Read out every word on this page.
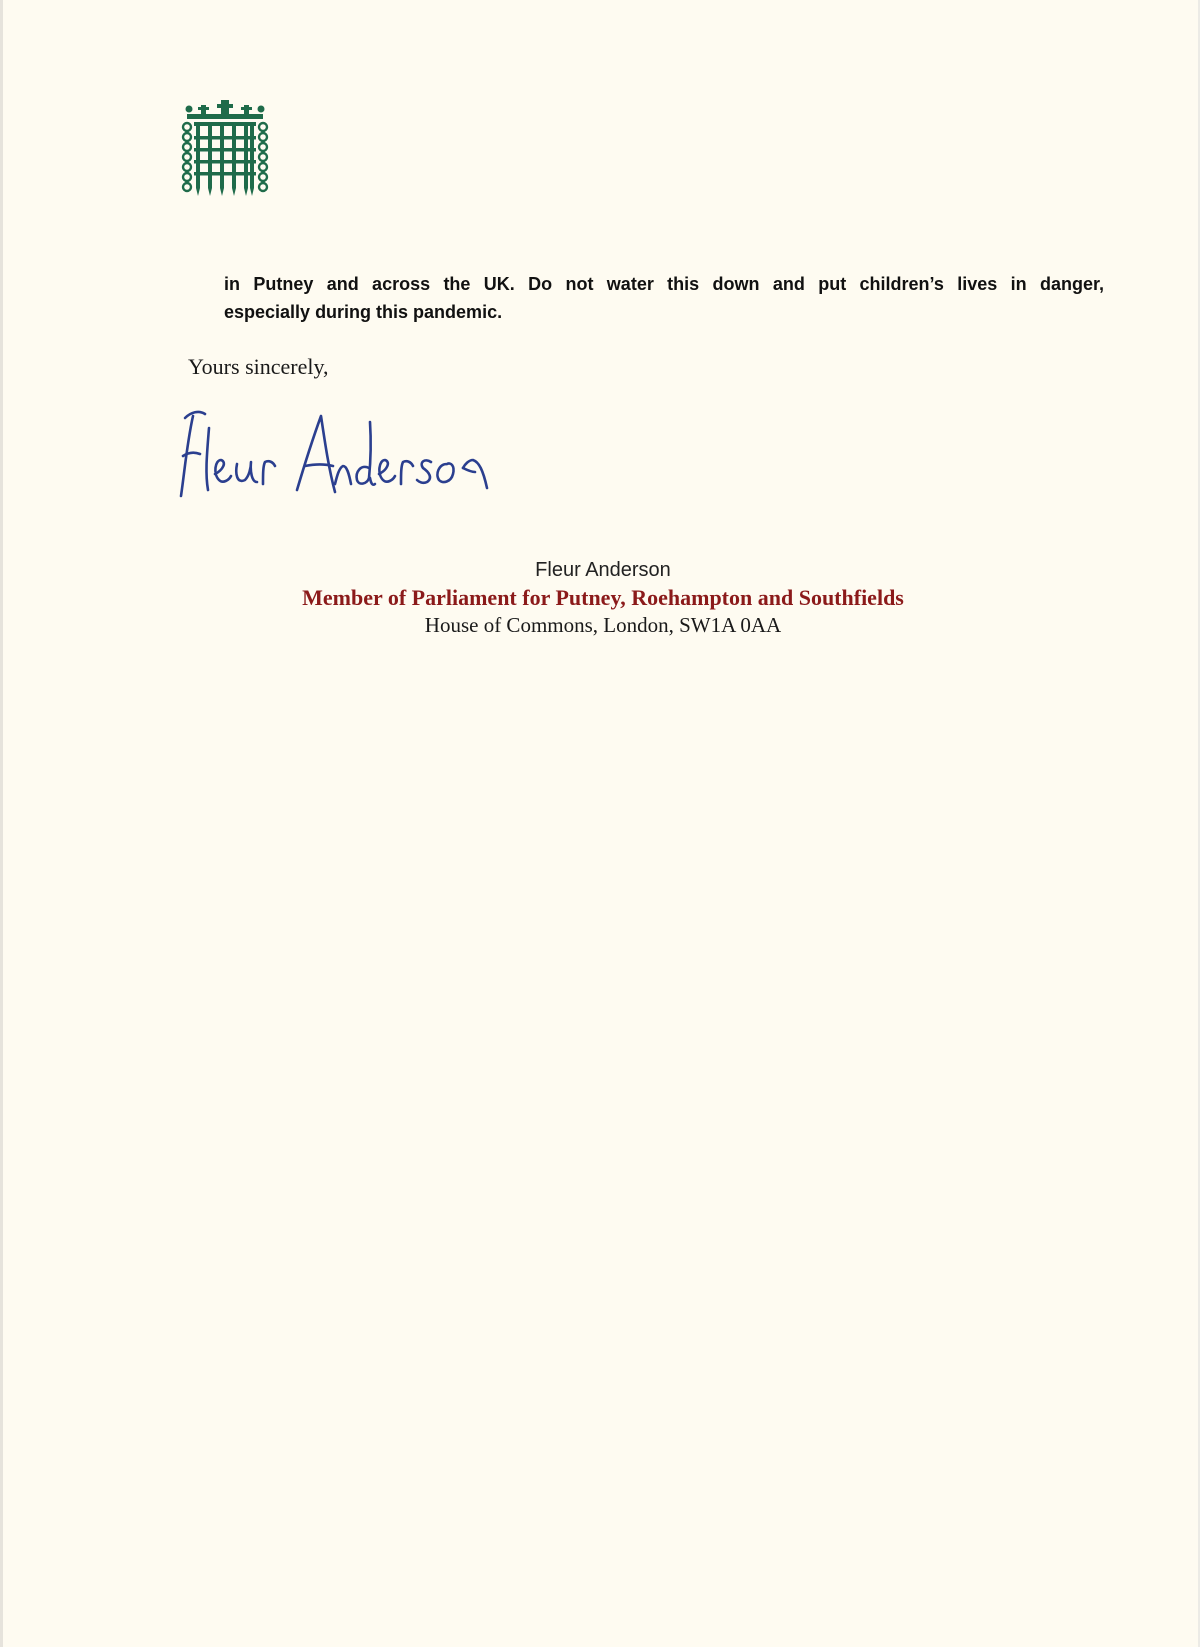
in Putney and across the UK. Do not water this down and put children’s lives in danger,
especially during this pandemic.

Yours sincerely,

Fleur Anderson

Member of Parliament for Putney, Roehampton and Southfields

House of Commons, London, SW1A 0AA
